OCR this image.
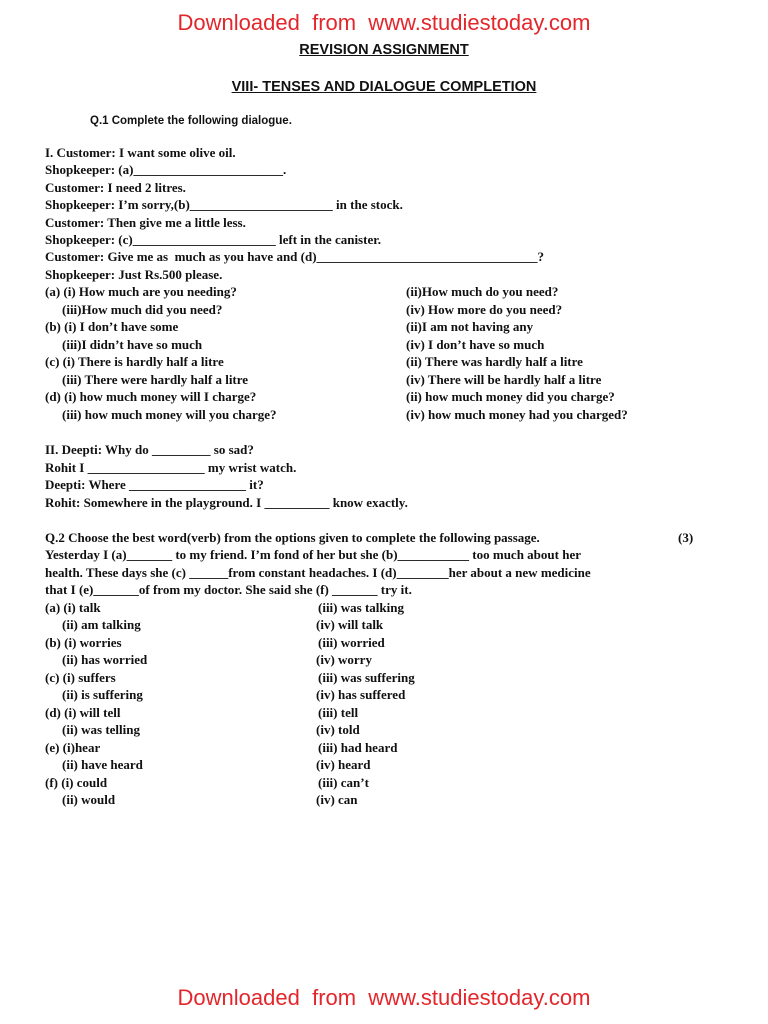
Downloaded  from  www.studiestoday.com
REVISION ASSIGNMENT
VIII- TENSES AND DIALOGUE COMPLETION
Q.1 Complete the following dialogue.
I. Customer: I want some olive oil.
Shopkeeper: (a)_______________________.
Customer: I need 2 litres.
Shopkeeper: I’m sorry,(b)______________________ in the stock.
Customer: Then give me a little less.
Shopkeeper: (c)______________________ left in the canister.
Customer: Give me as  much as you have and (d)__________________________________?
Shopkeeper: Just Rs.500 please.
(a) (i) How much are you needing?	(ii)How much do you need?
(iii)How much did you need?	(iv) How more do you need?
(b) (i) I don’t have some	(ii)I am not having any
(iii)I didn’t have so much	(iv) I don’t have so much
(c) (i) There is hardly half a litre	(ii) There was hardly half a litre
(iii) There were hardly half a litre	(iv) There will be hardly half a litre
(d) (i) how much money will I charge?	(ii) how much money did you charge?
(iii) how much money will you charge?	(iv) how much money had you charged?
II. Deepti: Why do _________ so sad?
Rohit I __________________ my wrist watch.
Deepti: Where __________________ it?
Rohit: Somewhere in the playground. I __________ know exactly.
Q.2 Choose the best word(verb) from the options given to complete the following passage.	(3)
Yesterday I (a)_______ to my friend. I’m fond of her but she (b)___________ too much about her
health. These days she (c) ______from constant headaches. I (d)________her about a new medicine
that I (e)_______of from my doctor. She said she (f) _______ try it.
(a) (i) talk	(iii) was talking
(ii) am talking	(iv) will talk
(b) (i) worries	(iii) worried
(ii) has worried	(iv) worry
(c) (i) suffers	(iii) was suffering
(ii) is suffering	(iv) has suffered
(d) (i) will tell	(iii) tell
(ii) was telling	(iv) told
(e) (i)hear	(iii) had heard
(ii) have heard	(iv) heard
(f) (i) could	(iii) can’t
(ii) would	(iv) can
Downloaded  from  www.studiestoday.com
